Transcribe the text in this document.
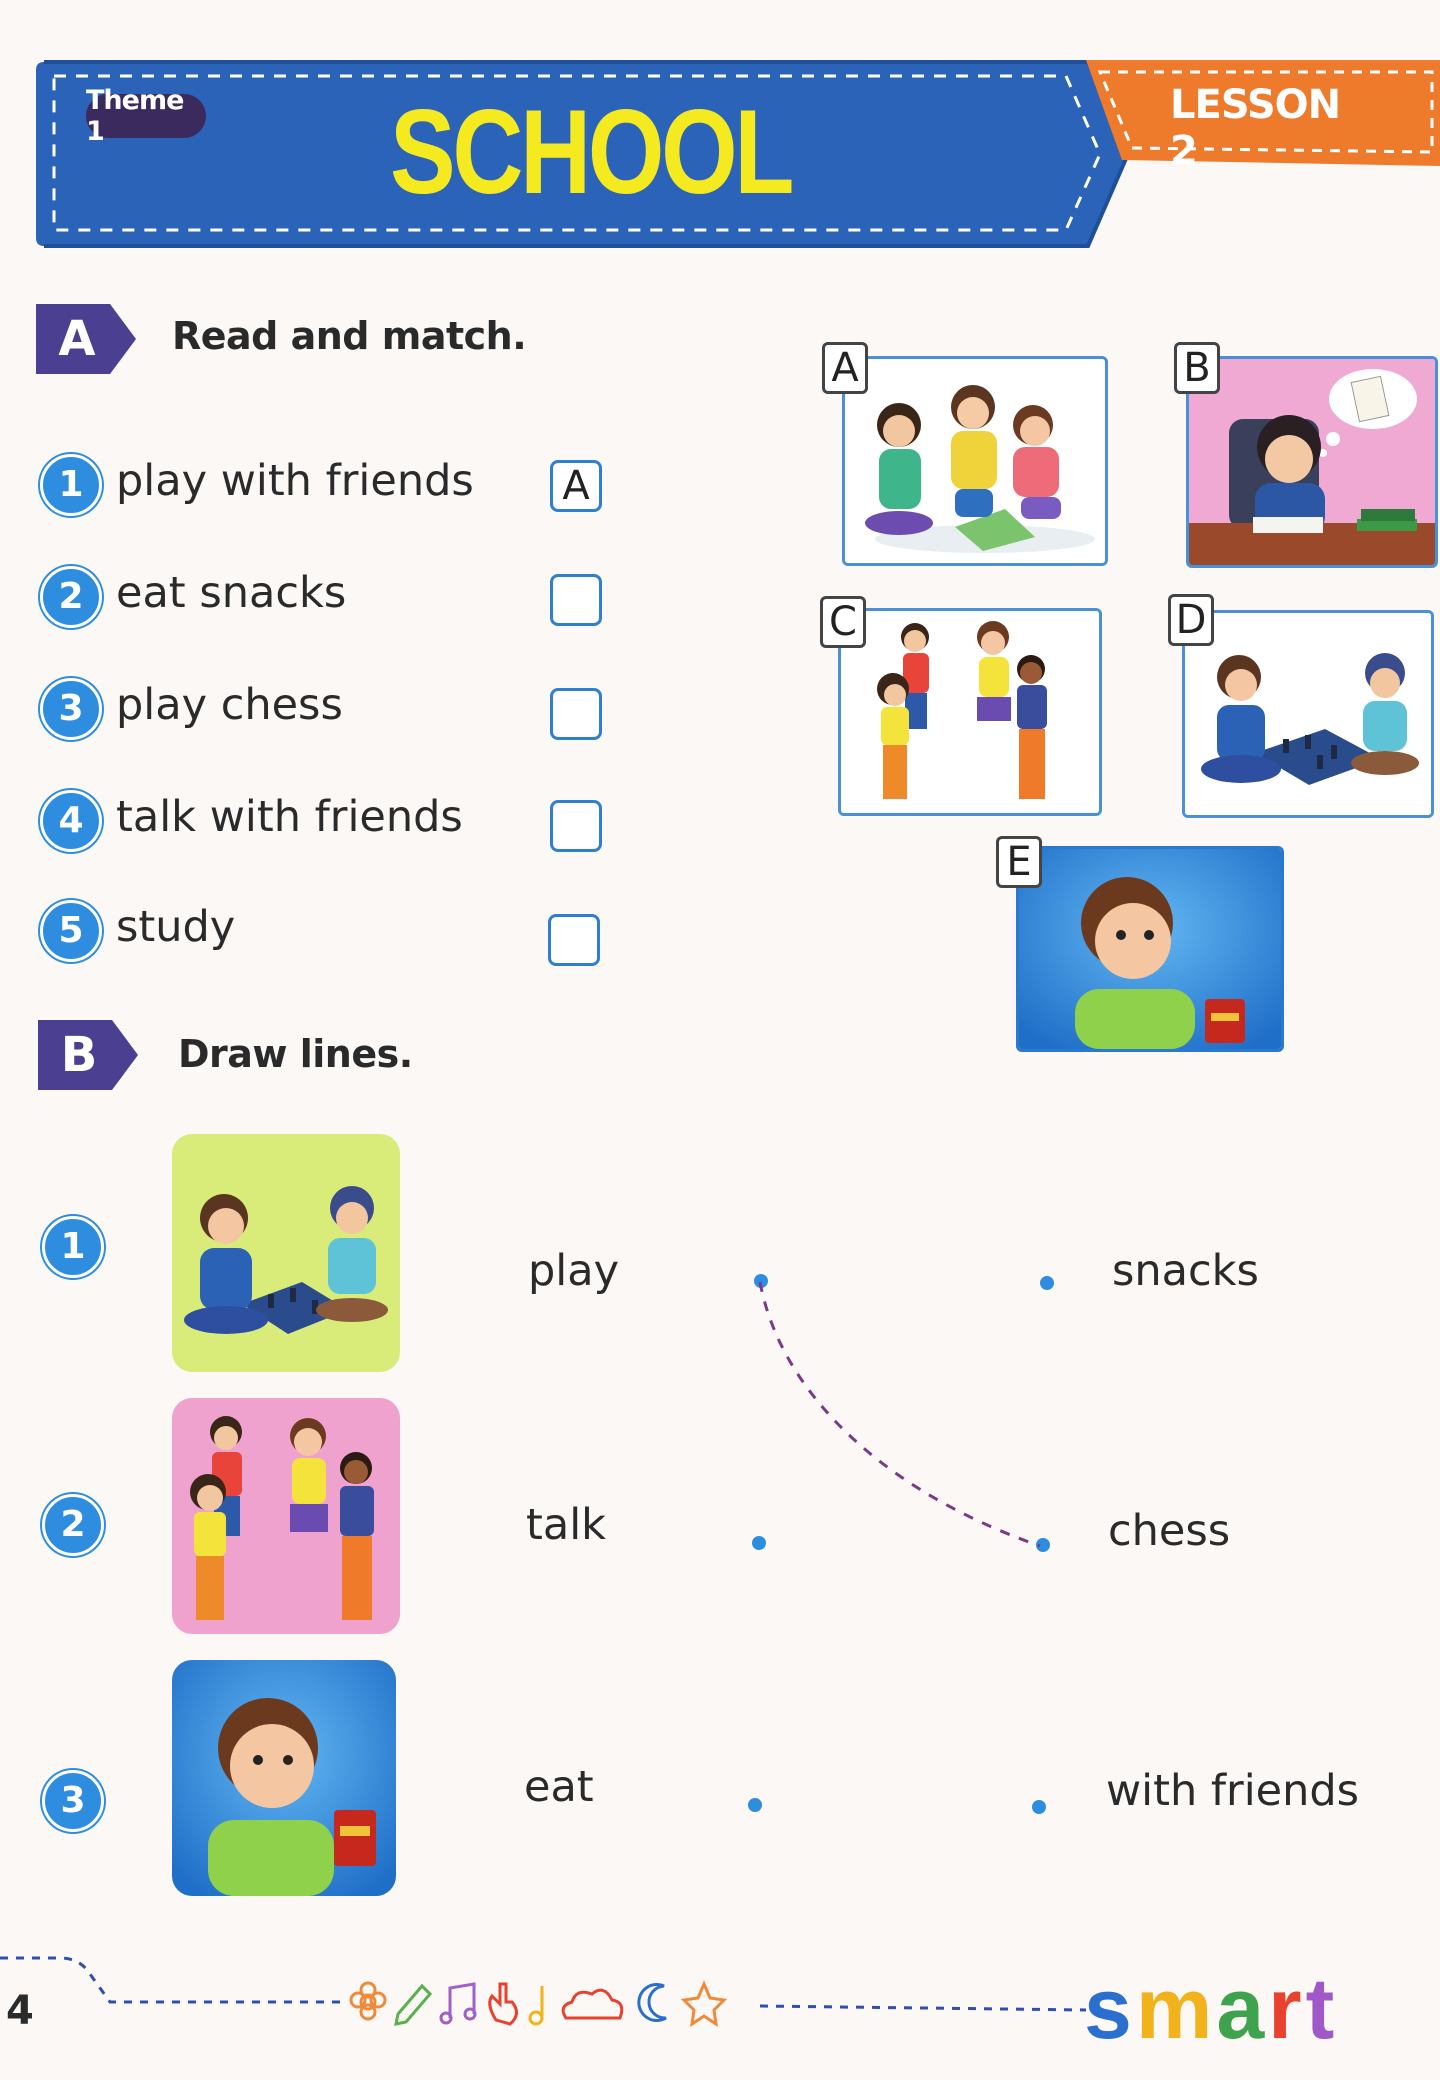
Theme 1	SCHOOL	LESSON 2
A Read and match.
1 play with friends	A
2 eat snacks
3 play chess
4 talk with friends
5 study
A	B
C	D
E
B Draw lines.
1	play	snacks
2	talk	chess
3	eat	with friends
4	smart
